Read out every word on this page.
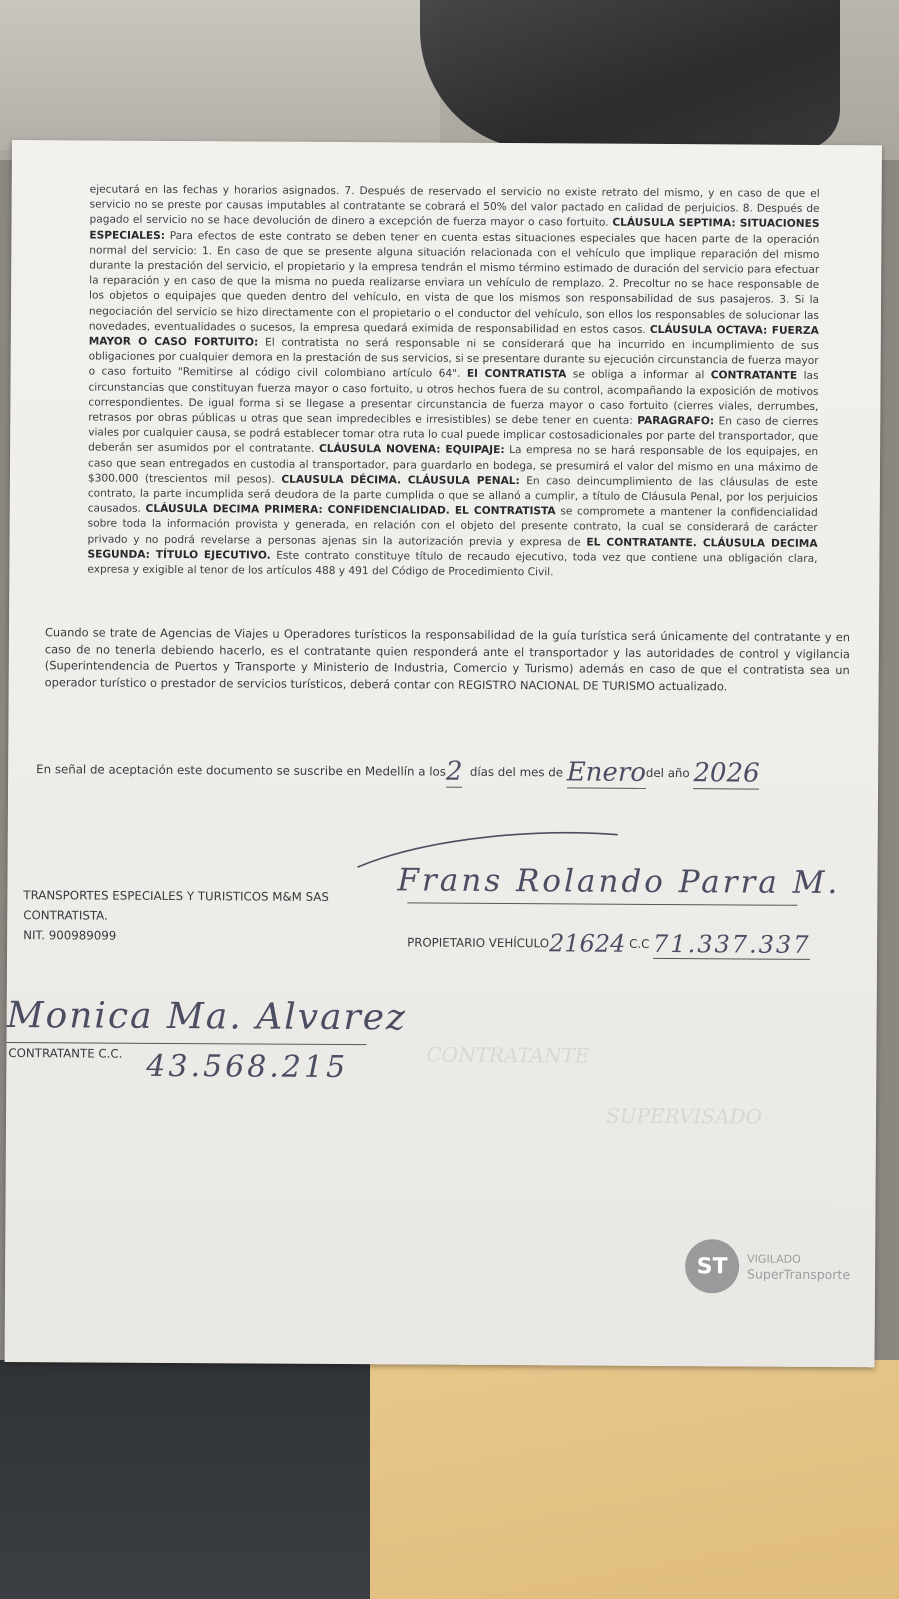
ejecutará en las fechas y horarios asignados. 7. Después de reservado el servicio no existe retrato del mismo, y en caso de que el servicio no se preste por causas imputables al contratante se cobrará el 50% del valor pactado en calidad de perjuicios. 8. Después de pagado el servicio no se hace devolución de dinero a excepción de fuerza mayor o caso fortuito. CLÁUSULA SEPTIMA: SITUACIONES ESPECIALES: Para efectos de este contrato se deben tener en cuenta estas situaciones especiales que hacen parte de la operación normal del servicio: 1. En caso de que se presente alguna situación relacionada con el vehículo que implique reparación del mismo durante la prestación del servicio, el propietario y la empresa tendrán el mismo término estimado de duración del servicio para efectuar la reparación y en caso de que la misma no pueda realizarse enviara un vehículo de remplazo. 2. Precoltur no se hace responsable de los objetos o equipajes que queden dentro del vehículo, en vista de que los mismos son responsabilidad de sus pasajeros. 3. Si la negociación del servicio se hizo directamente con el propietario o el conductor del vehículo, son ellos los responsables de solucionar las novedades, eventualidades o sucesos, la empresa quedará eximida de responsabilidad en estos casos. CLÁUSULA OCTAVA: FUERZA MAYOR O CASO FORTUITO: El contratista no será responsable ni se considerará que ha incurrido en incumplimiento de sus obligaciones por cualquier demora en la prestación de sus servicios, si se presentare durante su ejecución circunstancia de fuerza mayor o caso fortuito "Remitirse al código civil colombiano artículo 64". El CONTRATISTA se obliga a informar al CONTRATANTE las circunstancias que constituyan fuerza mayor o caso fortuito, u otros hechos fuera de su control, acompañando la exposición de motivos correspondientes. De igual forma si se llegase a presentar circunstancia de fuerza mayor o caso fortuito (cierres viales, derrumbes, retrasos por obras públicas u otras que sean impredecibles e irresistibles) se debe tener en cuenta: PARAGRAFO: En caso de cierres viales por cualquier causa, se podrá establecer tomar otra ruta lo cual puede implicar costosadicionales por parte del transportador, que deberán ser asumidos por el contratante. CLÁUSULA NOVENA: EQUIPAJE: La empresa no se hará responsable de los equipajes, en caso que sean entregados en custodia al transportador, para guardarlo en bodega, se presumirá el valor del mismo en una máximo de $300.000 (trescientos mil pesos). CLAUSULA DÉCIMA. CLÁUSULA PENAL: En caso deincumplimiento de las cláusulas de este contrato, la parte incumplida será deudora de la parte cumplida o que se allanó a cumplir, a título de Cláusula Penal, por los perjuicios causados. CLÁUSULA DECIMA PRIMERA: CONFIDENCIALIDAD. EL CONTRATISTA se compromete a mantener la confidencialidad sobre toda la información provista y generada, en relación con el objeto del presente contrato, la cual se considerará de carácter privado y no podrá revelarse a personas ajenas sin la autorización previa y expresa de EL CONTRATANTE. CLÁUSULA DECIMA SEGUNDA: TÍTULO EJECUTIVO. Este contrato constituye título de recaudo ejecutivo, toda vez que contiene una obligación clara, expresa y exigible al tenor de los artículos 488 y 491 del Código de Procedimiento Civil.
Cuando se trate de Agencias de Viajes u Operadores turísticos la responsabilidad de la guía turística será únicamente del contratante y en caso de no tenerla debiendo hacerlo, es el contratante quien responderá ante el transportador y las autoridades de control y vigilancia (Superintendencia de Puertos y Transporte y Ministerio de Industria, Comercio y Turismo) además en caso de que el contratista sea un operador turístico o prestador de servicios turísticos, deberá contar con REGISTRO NACIONAL DE TURISMO actualizado.
En señal de aceptación este documento se suscribe en Medellín a los2 días del mes de Enerodel año 2026
Frans Rolando Parra M.
TRANSPORTES ESPECIALES Y TURISTICOS M&M SAS
CONTRATISTA.
NIT. 900989099
PROPIETARIO VEHÍCULO21624 C.C 71.337.337
CONTRATANTE
SUPERVISADO
Monica Ma. Alvarez
CONTRATANTE C.C. 43.568.215
ST	VIGILADO
SuperTransporte
